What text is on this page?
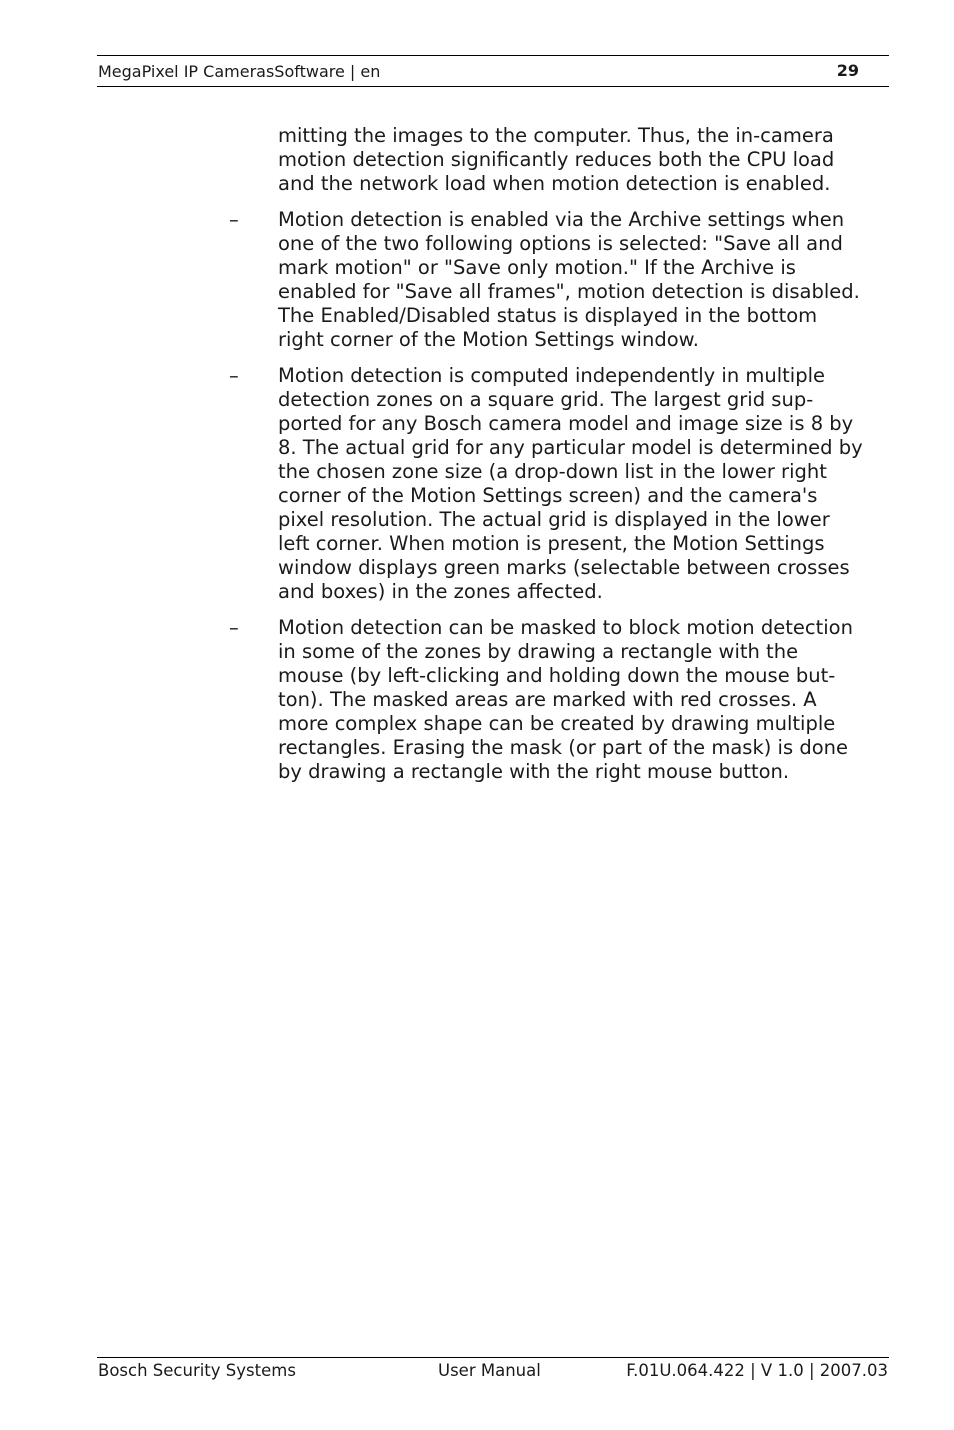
MegaPixel IP CamerasSoftware | en	29
mitting the images to the computer. Thus, the in-camera
motion detection significantly reduces both the CPU load
and the network load when motion detection is enabled.
– Motion detection is enabled via the Archive settings when
one of the two following options is selected: "Save all and
mark motion" or "Save only motion." If the Archive is
enabled for "Save all frames", motion detection is disabled.
The Enabled/Disabled status is displayed in the bottom
right corner of the Motion Settings window.
– Motion detection is computed independently in multiple
detection zones on a square grid. The largest grid sup-
ported for any Bosch camera model and image size is 8 by
8. The actual grid for any particular model is determined by
the chosen zone size (a drop-down list in the lower right
corner of the Motion Settings screen) and the camera's
pixel resolution. The actual grid is displayed in the lower
left corner. When motion is present, the Motion Settings
window displays green marks (selectable between crosses
and boxes) in the zones affected.
– Motion detection can be masked to block motion detection
in some of the zones by drawing a rectangle with the
mouse (by left-clicking and holding down the mouse but-
ton). The masked areas are marked with red crosses. A
more complex shape can be created by drawing multiple
rectangles. Erasing the mask (or part of the mask) is done
by drawing a rectangle with the right mouse button.
Bosch Security Systems	User Manual	F.01U.064.422 | V 1.0 | 2007.03
